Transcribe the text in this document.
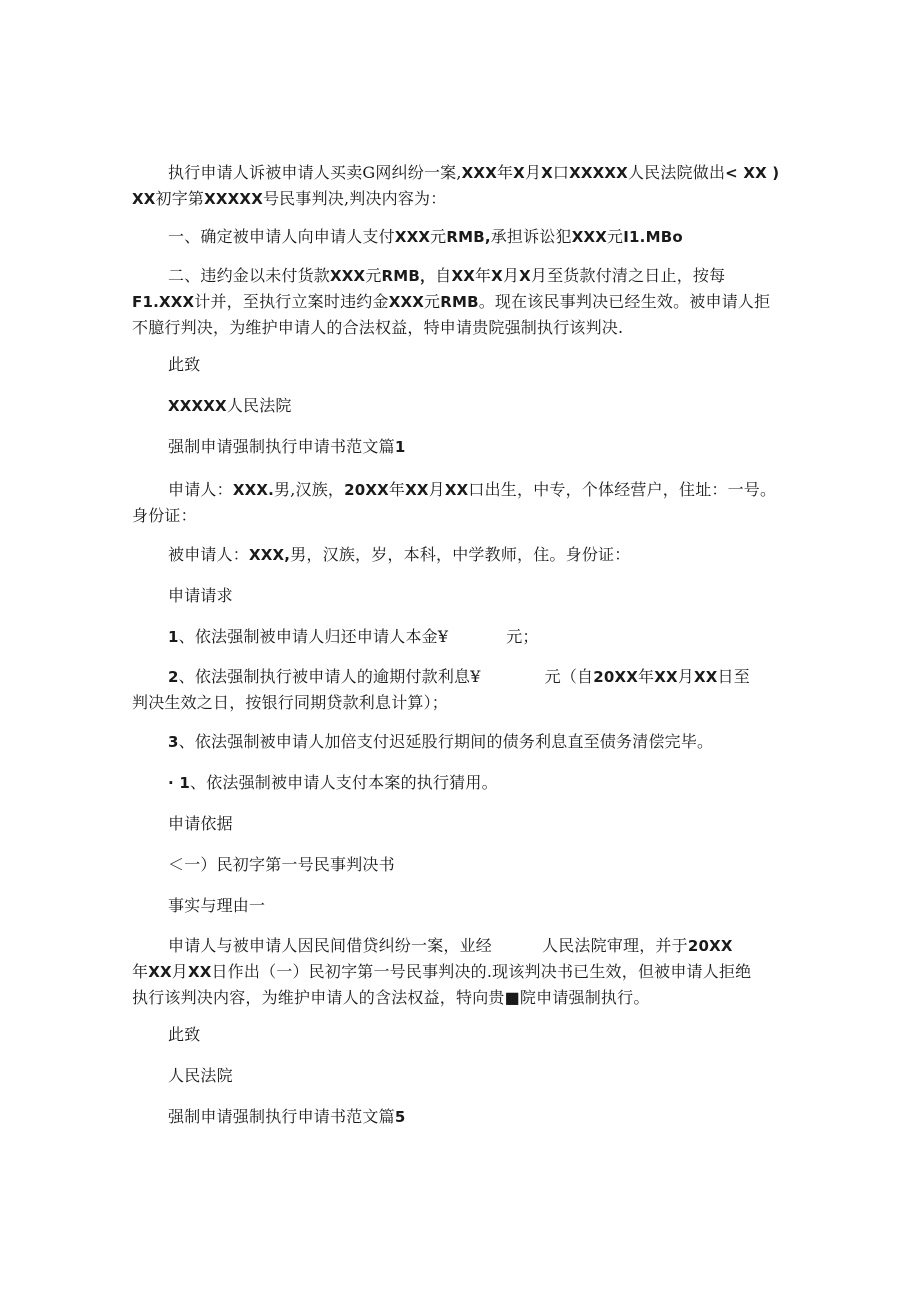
执行申请人诉被申请人买卖G网纠纷一案,XXX年X月X口XXXXX人民法院做出< XX )
XX初字第XXXXX号民事判决,判决内容为：
一、确定被申请人向申请人支付XXX元RMB,承担诉讼犯XXX元I1.MBo
二、违约金以未付货款XXX元RMB，自XX年X月X月至货款付清之日止，按每
F1.XXX计并，至执行立案时违约金XXX元RMB。现在该民事判决已经生效。被申请人拒
不臆行判决，为维护申请人的合法权益，特申请贵院强制执行该判决.
此致
XXXXX人民法院
强制申请强制执行申请书范文篇1
申请人：XXX.男,汉族，20XX年XX月XX口出生，中专，个体经营户，住址：一号。
身份证：
被申请人：XXX,男，汉族，岁，本科，中学教师，住。身份证：
申请请求
1、依法强制被申请人归还申请人本金¥	元；
2、依法强制执行被申请人的逾期付款利息¥	元（自20XX年XX月XX日至
判决生效之日，按银行同期贷款利息计算）；
3、依法强制被申请人加倍支付迟延股行期间的债务利息直至债务清偿完毕。
· 1、依法强制被申请人支付本案的执行猜用。
申请依据
＜一）民初字第一号民事判决书
事实与理由一
申请人与被申请人因民间借贷纠纷一案，业经	人民法院审理，并于20XX
年XX月XX日作出（一）民初字第一号民事判决的.现该判决书已生效，但被申请人拒绝
执行该判决内容，为维护申请人的含法权益，特向贵■院申请强制执行。
此致
人民法院
强制申请强制执行申请书范文篇5
